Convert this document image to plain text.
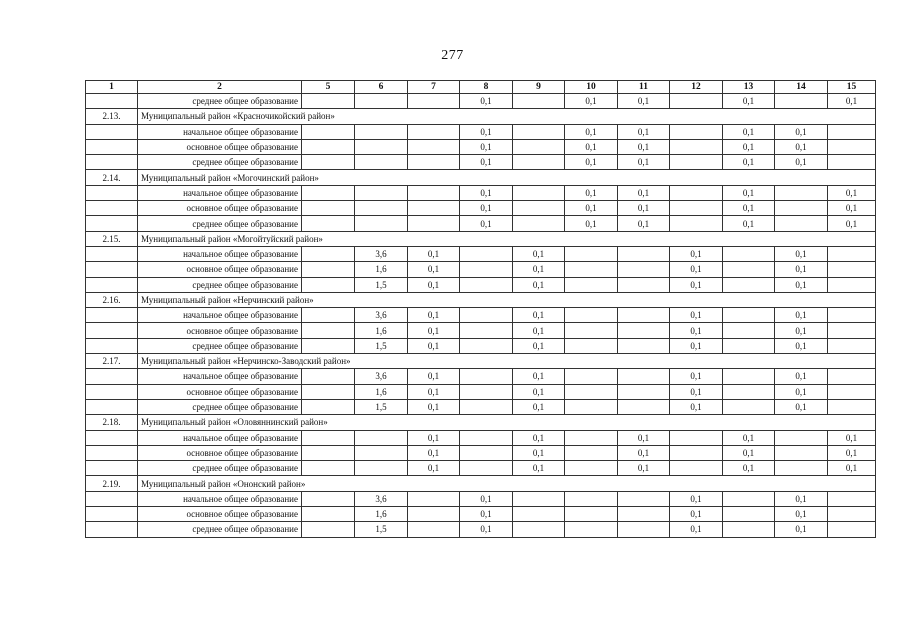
277
1	2	5	6	7	8	9	10	11	12	13	14	15
	среднее общее образование				0,1		0,1	0,1		0,1		0,1
2.13.	Муниципальный район «Красночикойский район»											
	начальное общее образование				0,1		0,1	0,1		0,1	0,1	
	основное общее образование				0,1		0,1	0,1		0,1	0,1	
	среднее общее образование				0,1		0,1	0,1		0,1	0,1	
2.14.	Муниципальный район «Могочинский район»											
	начальное общее образование				0,1		0,1	0,1		0,1		0,1
	основное общее образование				0,1		0,1	0,1		0,1		0,1
	среднее общее образование				0,1		0,1	0,1		0,1		0,1
2.15.	Муниципальный район «Могойтуйский район»											
	начальное общее образование		3,6	0,1		0,1			0,1		0,1	
	основное общее образование		1,6	0,1		0,1			0,1		0,1	
	среднее общее образование		1,5	0,1		0,1			0,1		0,1	
2.16.	Муниципальный район «Нерчинский район»											
	начальное общее образование		3,6	0,1		0,1			0,1		0,1	
	основное общее образование		1,6	0,1		0,1			0,1		0,1	
	среднее общее образование		1,5	0,1		0,1			0,1		0,1	
2.17.	Муниципальный район «Нерчинско-Заводский район»											
	начальное общее образование		3,6	0,1		0,1			0,1		0,1	
	основное общее образование		1,6	0,1		0,1			0,1		0,1	
	среднее общее образование		1,5	0,1		0,1			0,1		0,1	
2.18.	Муниципальный район «Оловяннинский район»											
	начальное общее образование			0,1		0,1		0,1		0,1		0,1
	основное общее образование			0,1		0,1		0,1		0,1		0,1
	среднее общее образование			0,1		0,1		0,1		0,1		0,1
2.19.	Муниципальный район «Ононский район»											
	начальное общее образование		3,6		0,1				0,1		0,1	
	основное общее образование		1,6		0,1				0,1		0,1	
	среднее общее образование		1,5		0,1				0,1		0,1	
